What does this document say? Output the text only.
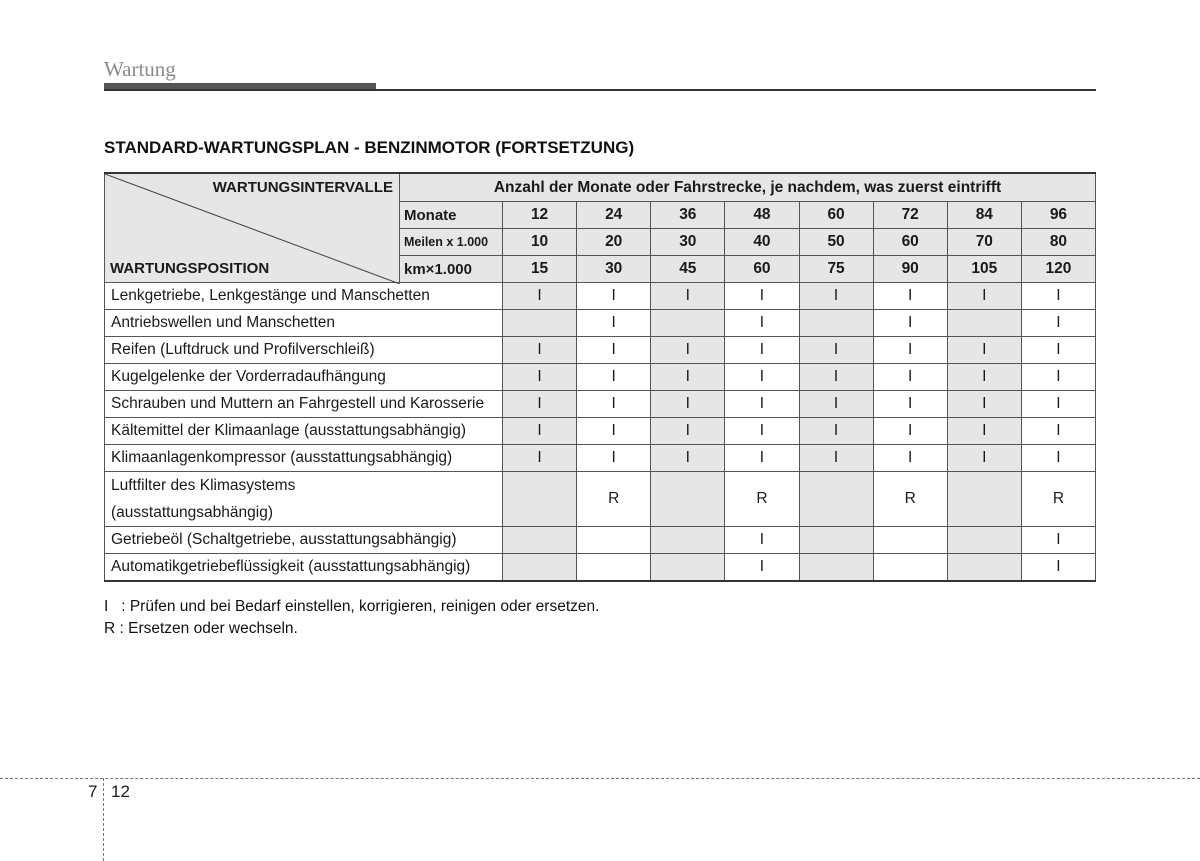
Wartung
STANDARD-WARTUNGSPLAN - BENZINMOTOR (FORTSETZUNG)
WARTUNGSINTERVALLE
WARTUNGSPOSITION	Anzahl der Monate oder Fahrstrecke, je nachdem, was zuerst eintrifft								
	Monate	12	24	36	48	60	72	84	96
	Meilen x 1.000	10	20	30	40	50	60	70	80
	km×1.000	15	30	45	60	75	90	105	120
Lenkgetriebe, Lenkgestänge und Manschetten		I	I	I	I	I	I	I	I
Antriebswellen und Manschetten			I		I		I		I
Reifen (Luftdruck und Profilverschleiß)		I	I	I	I	I	I	I	I
Kugelgelenke der Vorderradaufhängung		I	I	I	I	I	I	I	I
Schrauben und Muttern an Fahrgestell und Karosserie		I	I	I	I	I	I	I	I
Kältemittel der Klimaanlage (ausstattungsabhängig)		I	I	I	I	I	I	I	I
Klimaanlagenkompressor (ausstattungsabhängig)		I	I	I	I	I	I	I	I

Luftfilter des Klimasystems
(ausstattungsabhängig)			R		R		R		R
Getriebeöl (Schaltgetriebe, ausstattungsabhängig)					I				I
Automatikgetriebeflüssigkeit (ausstattungsabhängig)					I				I
I   : Prüfen und bei Bedarf einstellen, korrigieren, reinigen oder ersetzen.
R : Ersetzen oder wechseln.
7 12
